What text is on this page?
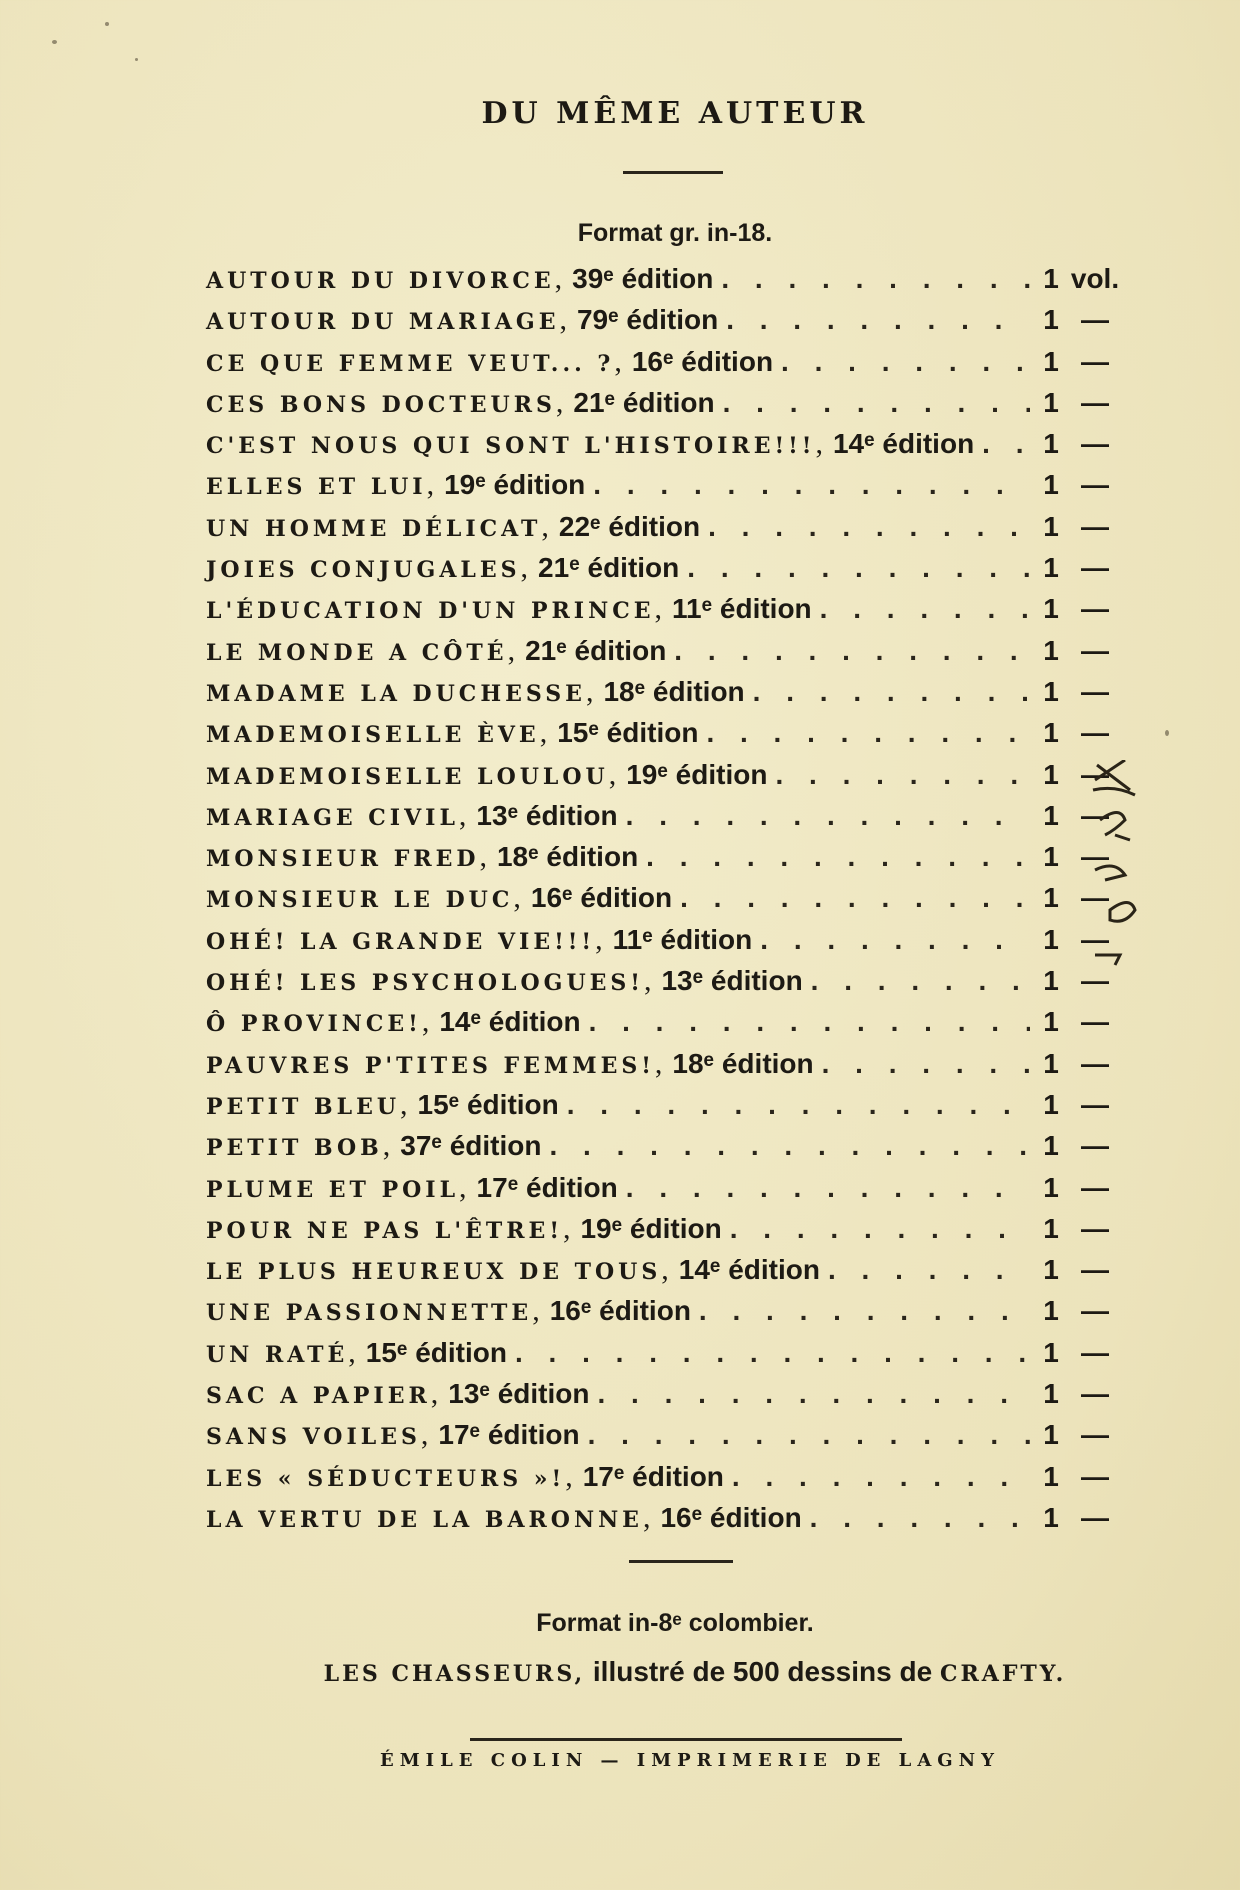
DU MÊME AUTEUR
Format gr. in-18.
AUTOUR DU DIVORCE , 39ᵉ édition . . .	1 vol.
AUTOUR DU MARIAGE , 79ᵉ édition . . .	1 —
CE QUE FEMME VEUT... ? , 16ᵉ édition . . .	1 —
CES BONS DOCTEURS , 21ᵉ édition . . .	1 —
C'EST NOUS QUI SONT L'HISTOIRE!!! , 14ᵉ édition . . . 1 —
ELLES ET LUI , 19ᵉ édition . . .	1 —
UN HOMME DÉLICAT , 22ᵉ édition . . .	1 —
JOIES CONJUGALES , 21ᵉ édition . . .	1 —
L'ÉDUCATION D'UN PRINCE , 11ᵉ édition . . .	1 —
LE MONDE A CÔTÉ , 21ᵉ édition . . .	1 —
MADAME LA DUCHESSE , 18ᵉ édition . . .	1 —
MADEMOISELLE ÈVE , 15ᵉ édition . . .	1 —
MADEMOISELLE LOULOU , 19ᵉ édition . . .	1 —
MARIAGE CIVIL , 13ᵉ édition . . .	1 —
MONSIEUR FRED , 18ᵉ édition . . .	1 —
MONSIEUR LE DUC , 16ᵉ édition . . .	1 —
OHÉ! LA GRANDE VIE!!! , 11ᵉ édition . . .	1 —
OHÉ! LES PSYCHOLOGUES! , 13ᵉ édition . . .	1 —
Ô PROVINCE! , 14ᵉ édition . . .	1 —
PAUVRES P'TITES FEMMES! , 18ᵉ édition . . .	1 —
PETIT BLEU , 15ᵉ édition . . .	1 —
PETIT BOB , 37ᵉ édition . . .	1 —
PLUME ET POIL , 17ᵉ édition . . .	1 —
POUR NE PAS L'ÊTRE! , 19ᵉ édition . . .	1 —
LE PLUS HEUREUX DE TOUS , 14ᵉ édition . . .	1 —
UNE PASSIONNETTE , 16ᵉ édition . . .	1 —
UN RATÉ , 15ᵉ édition . . .	1 —
SAC A PAPIER , 13ᵉ édition . . .	1 —
SANS VOILES , 17ᵉ édition . . .	1 —
LES « SÉDUCTEURS »! , 17ᵉ édition . . .	1 —
LA VERTU DE LA BARONNE , 16ᵉ édition . . .	1 —
Format in-8ᵉ colombier.
LES CHASSEURS, illustré de 500 dessins de CRAFTY.
ÉMILE COLIN — IMPRIMERIE DE LAGNY
